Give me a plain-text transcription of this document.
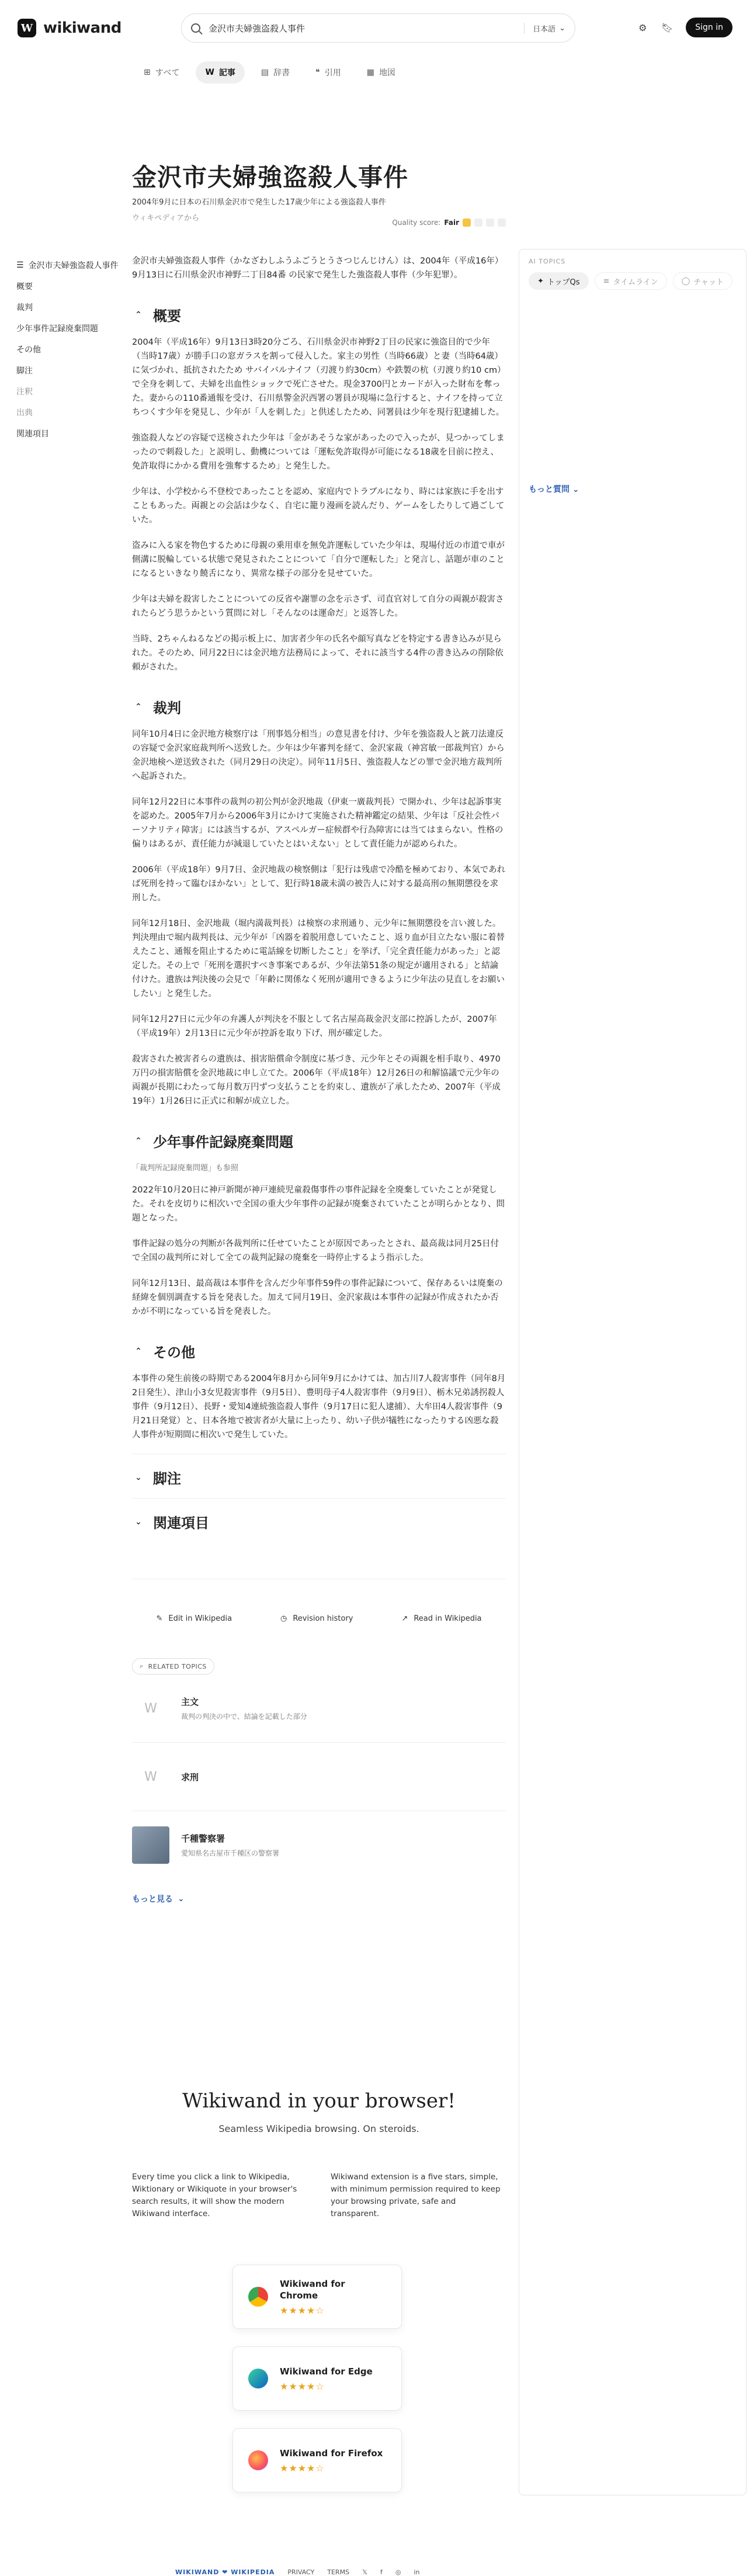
W wikiwand	金沢市夫婦強盗殺人事件	日本語 ⌄	⚙ 🔖︎	Sign in
⊞ すべて	W 記事	▤ 辞書	❝ 引用	▦ 地図
☰ 金沢市夫婦強盗殺人事件
概要
裁判
少年事件記録廃棄問題
その他
脚注
注釈
出典
関連項目
金沢市夫婦強盗殺人事件
2004年9月に日本の石川県金沢市で発生した17歳少年による強盗殺人事件
ウィキペディアから	Quality score: Fair

金沢市夫婦強盗殺人事件（かなざわしふうふごうとうさつじんじけん）は、2004年（平成16年）9月13日に石川県金沢市神野二丁目84番 の民家で発生した強盗殺人事件（少年犯罪）。

⌃ 概要

2004年（平成16年）9月13日3時20分ごろ、石川県金沢市神野2丁目の民家に強盗目的で少年（当時17歳）が勝手口の窓ガラスを割って侵入した。家主の男性（当時66歳）と妻（当時64歳）に気づかれ、抵抗されたため サバイバルナイフ（刃渡り約30cm）や鉄製の杭（刃渡り約10 cm）で全身を刺して、夫婦を出血性ショックで死亡させた。現金3700円とカードが入った財布を奪った。妻からの110番通報を受け、石川県警金沢西署の署員が現場に急行すると、ナイフを持って立ちつくす少年を発見し、少年が「人を刺した」と供述したため、同署員は少年を現行犯逮捕した。

強盗殺人などの容疑で送検された少年は「金があそうな家があったので入ったが、見つかってしまったので刺殺した」と説明し、動機については「運転免許取得が可能になる18歳を目前に控え、免許取得にかかる費用を強奪するため」と発生した。

少年は、小学校から不登校であったことを認め、家庭内でトラブルになり、時には家族に手を出すこともあった。両親との会話は少なく、自宅に籠り漫画を読んだり、ゲームをしたりして過ごしていた。

盗みに入る家を物色するために母親の乗用車を無免許運転していた少年は、現場付近の市道で車が側溝に脱輪している状態で発見されたことについて「自分で運転した」と発言し、話題が車のことになるといきなり饒舌になり、異常な様子の部分を見せていた。

少年は夫婦を殺害したことについての反省や謝罪の念を示さず、司直官対して自分の両親が殺害されたらどう思うかという質問に対し「そんなのは運命だ」と返答した。

当時、2ちゃんねるなどの掲示板上に、加害者少年の氏名や顔写真などを特定する書き込みが見られた。そのため、同月22日には金沢地方法務局によって、それに該当する4件の書き込みの削除依頼がされた。

⌃ 裁判

同年10月4日に金沢地方検察庁は「刑事処分相当」の意見書を付け、少年を強盗殺人と銃刀法違反の容疑で金沢家庭裁判所へ送致した。少年は少年審判を経て、金沢家裁（神宮敏一郎裁判官）から金沢地検へ逆送致された（同月29日の決定）。同年11月5日、強盗殺人などの罪で金沢地方裁判所へ起訴された。

同年12月22日に本事件の裁判の初公判が金沢地裁（伊東一廣裁判長）で開かれ、少年は起訴事実を認めた。2005年7月から2006年3月にかけて実施された精神鑑定の結果、少年は「反社会性パーソナリティ障害」には該当するが、アスペルガー症候群や行為障害には当てはまらない。性格の偏りはあるが、責任能力が減退していたとはいえない」として責任能力が認められた。

2006年（平成18年）9月7日、金沢地裁の検察側は「犯行は残虐で冷酷を極めており、本気であれば死刑を持って臨むほかない」として、犯行時18歳未満の被告人に対する最高刑の無期懲役を求刑した。

同年12月18日、金沢地裁（堀内満裁判長）は検察の求刑通り、元少年に無期懲役を言い渡した。判決理由で堀内裁判長は、元少年が「凶器を着脱用意していたこと、返り血が目立たない服に着替えたこと、通報を阻止するために電話線を切断したこと」を挙げ、「完全責任能力があった」と認定した。その上で「死刑を選択すべき事案であるが、少年法第51条の規定が適用される」と結論付けた。遺族は判決後の会見で「年齢に関係なく死刑が適用できるように少年法の見直しをお願いしたい」と発生した。

同年12月27日に元少年の弁護人が判決を不服として名古屋高裁金沢支部に控訴したが、2007年（平成19年）2月13日に元少年が控訴を取り下げ、刑が確定した。

殺害された被害者らの遺族は、損害賠償命令制度に基づき、元少年とその両親を相手取り、4970万円の損害賠償を金沢地裁に申し立てた。2006年（平成18年）12月26日の和解協議で元少年の両親が長期にわたって毎月数万円ずつ支払うことを約束し、遺族が了承したため、2007年（平成19年）1月26日に正式に和解が成立した。

⌃ 少年事件記録廃棄問題
「裁判所記録廃棄問題」も参照

2022年10月20日に神戸新聞が神戸連続児童殺傷事件の事件記録を全廃棄していたことが発覚した。それを皮切りに相次いで全国の重大少年事件の記録が廃棄されていたことが明らかとなり、問題となった。

事件記録の処分の判断が各裁判所に任せていたことが原因であったとされ、最高裁は同月25日付で全国の裁判所に対して全ての裁判記録の廃棄を一時停止するよう指示した。

同年12月13日、最高裁は本事件を含んだ少年事件59件の事件記録について、保存あるいは廃棄の経緯を個別調査する旨を発表した。加えて同月19日、金沢家裁は本事件の記録が作成されたか否かが不明になっている旨を発表した。

⌃ その他

本事件の発生前後の時期である2004年8月から同年9月にかけては、加古川7人殺害事件（同年8月2日発生）、津山小3女児殺害事件（9月5日）、豊明母子4人殺害事件（9月9日）、栃木兄弟誘拐殺人事件（9月12日）、長野・愛知4連続強盗殺人事件（9月17日に犯人逮捕）、大牟田4人殺害事件（9月21日発覚）と、日本各地で被害者が大量に上ったり、幼い子供が犠牲になったりする凶悪な殺人事件が短期間に相次いで発生していた。

⌄ 脚注
⌄ 関連項目
✎ Edit in Wikipedia	◷ Revision history	↗ Read in Wikipedia
⌕ RELATED TOPICS
W	主文
裁判の判決の中で、結論を記載した部分
W	求刑
千種警察署
愛知県名古屋市千種区の警察署
もっと見る ⌄
AI TOPICS
✦ トップQs	≡ タイムライン	◯ チャット
もっと質問 ⌄
Wikiwand in your browser!
Seamless Wikipedia browsing. On steroids.
Every time you click a link to Wikipedia, Wiktionary or Wikiquote in your browser's search results, it will show the modern Wikiwand interface.
Wikiwand extension is a five stars, simple, with minimum permission required to keep your browsing private, safe and transparent.
Wikiwand for Chrome
★★★★☆
Wikiwand for Edge
★★★★☆
Wikiwand for Firefox
★★★★☆
WIKIWAND ❤ WIKIPEDIA PRIVACY TERMS 𝕏 f ◎ in
